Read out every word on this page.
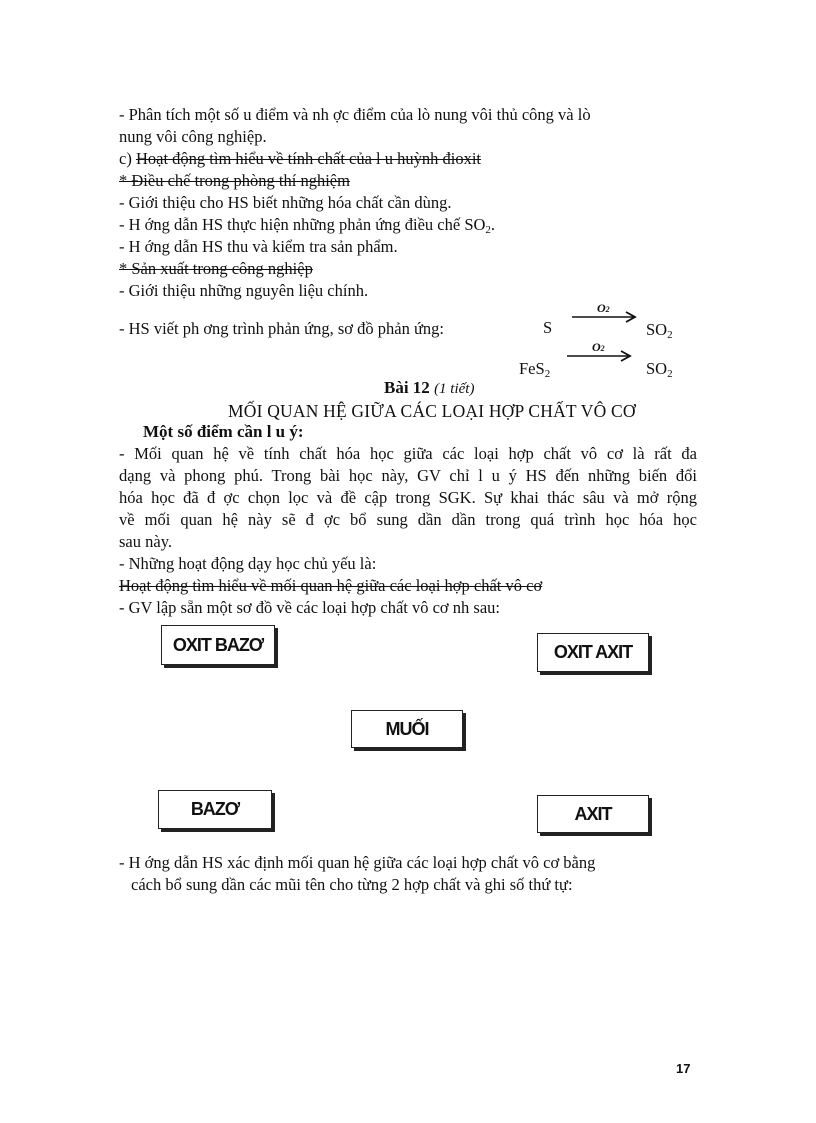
- Phân tích một số u điểm và nh ợc điểm của lò nung vôi thủ công và lò
nung vôi công nghiệp.
c) Hoạt động tìm hiểu về tính chất của l u huỳnh đioxit
* Điều chế trong phòng thí nghiệm
- Giới thiệu cho HS biết những hóa chất cần dùng.
- H ớng dẫn HS thực hiện những phản ứng điều chế $SO_2$.
- H ớng dẫn HS thu và kiểm tra sản phẩm.
* Sản xuất trong công nghiệp
- Giới thiệu những nguyên liệu chính.
- HS viết ph ơng trình phản ứng, sơ đồ phản ứng:	S
O2
$SO_2$
FeS$_2$
O2
$SO_2$
Bài 12 (1 tiết)
MỐI QUAN HỆ GIỮA CÁC LOẠI HỢP CHẤT VÔ CƠ
Một số điểm cần l u ý:
- Mối quan hệ về tính chất hóa học giữa các loại hợp chất vô cơ là rất đa
dạng và phong phú. Trong bài học này, GV chỉ l u ý HS đến những biến đổi
hóa học đã đ ợc chọn lọc và đề cập trong SGK. Sự khai thác sâu và mở rộng
về mối quan hệ này sẽ đ ợc bổ sung dần dần trong quá trình học hóa học
sau này.
- Những hoạt động dạy học chủ yếu là:
Hoạt động tìm hiểu về mối quan hệ giữa các loại hợp chất vô cơ
- GV lập sẵn một sơ đồ về các loại hợp chất vô cơ nh sau:
OXIT BAZƠ	OXIT AXIT
MUỐI
BAZƠ	AXIT
- H ớng dẫn HS xác định mối quan hệ giữa các loại hợp chất vô cơ bằng
cách bổ sung dần các mũi tên cho từng 2 hợp chất và ghi số thứ tự:
17
